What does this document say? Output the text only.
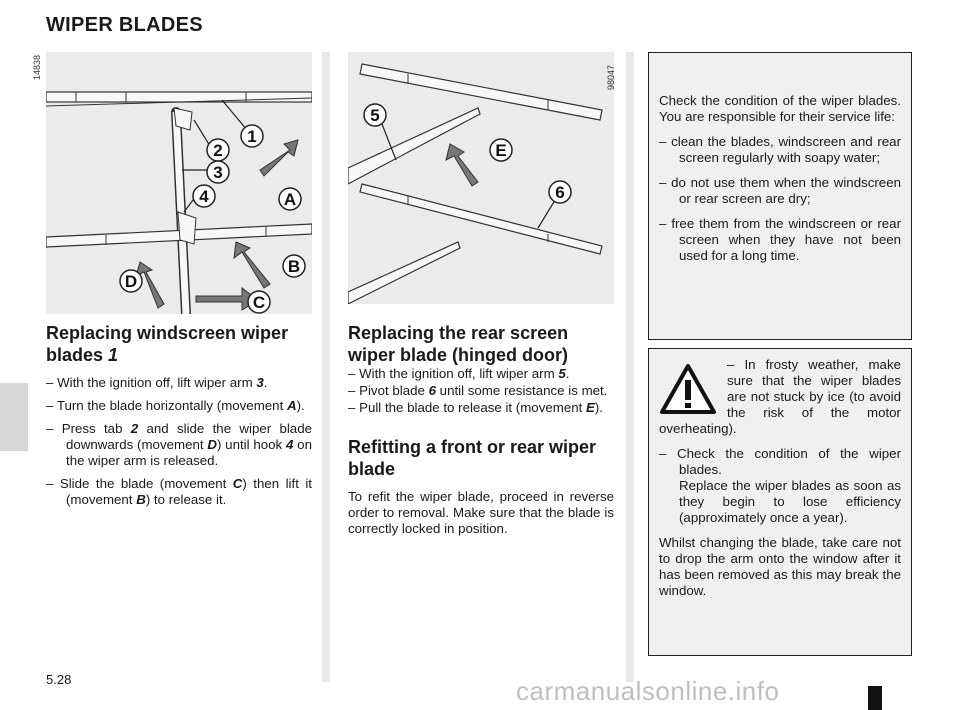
WIPER BLADES
1
2
3
4	A
B
C
D
14838
5
E
6
98047
Replacing windscreen wiper blades 1

– With the ignition off, lift wiper arm 3.

– Turn the blade horizontally (movement A).

– Press tab 2 and slide the wiper blade downwards (movement D) until hook 4 on the wiper arm is released.

– Slide the blade (movement C) then lift it (movement B) to release it.

Replacing the rear screen wiper blade (hinged door)

– With the ignition off, lift wiper arm 5.

– Pivot blade 6 until some resistance is met.

– Pull the blade to release it (movement E).

Refitting a front or rear wiper blade

To refit the wiper blade, proceed in reverse order to removal. Make sure that the blade is correctly locked in position.

Check the condition of the wiper blades. You are responsible for their service life:

– clean the blades, windscreen and rear screen regularly with soapy water;

– do not use them when the windscreen or rear screen are dry;

– free them from the windscreen or rear screen when they have not been used for a long time.

– In frosty weather, make sure that the wiper blades are not stuck by ice (to avoid the risk of the motor overheating).

– Check the condition of the wiper blades.

Replace the wiper blades as soon as they begin to lose efficiency (approximately once a year).

Whilst changing the blade, take care not to drop the arm onto the window after it has been removed as this may break the window.

5.28	carmanualsonline.info
